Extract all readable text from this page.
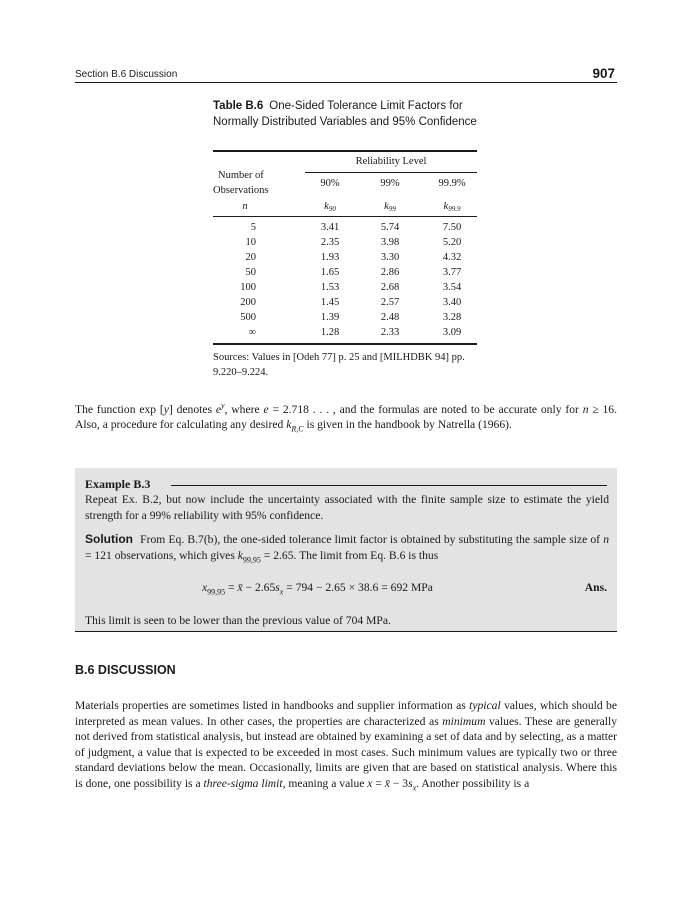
Section B.6 Discussion	907
Table B.6 One-Sided Tolerance Limit Factors for Normally Distributed Variables and 95% Confidence
Reliability Level
Number of
Observations
90%	99%	99.9%
n	k90	k99	k99.9
5	3.41	5.74	7.50
10	2.35	3.98	5.20
20	1.93	3.30	4.32
50	1.65	2.86	3.77
100	1.53	2.68	3.54
200	1.45	2.57	3.40
500	1.39	2.48	3.28
∞	1.28	2.33	3.09
Sources: Values in [Odeh 77] p. 25 and [MILHDBK 94] pp. 9.220–9.224.
The function exp [y] denotes $e^y$, where e = 2.718 . . . , and the formulas are noted to be accurate only for n ≥ 16. Also, a procedure for calculating any desired $k_{R,C}$ is given in the handbook by Natrella (1966).
Example B.3
Repeat Ex. B.2, but now include the uncertainty associated with the finite sample size to estimate the yield strength for a 99% reliability with 95% confidence.
Solution From Eq. B.7(b), the one-sided tolerance limit factor is obtained by substituting the sample size of n = 121 observations, which gives $k_{99,95} = 2.65$. The limit from Eq. B.6 is thus
$x_{99,95}$ = x̄ − $2.65s_x = 794 - 2.65 \times 38.6 = 692$ MPa	Ans.
This limit is seen to be lower than the previous value of 704 MPa.
B.6 DISCUSSION
Materials properties are sometimes listed in handbooks and supplier information as typical values, which should be interpreted as mean values. In other cases, the properties are characterized as minimum values. These are generally not derived from statistical analysis, but instead are obtained by examining a set of data and by selecting, as a matter of judgment, a value that is expected to be exceeded in most cases. Such minimum values are typically two or three standard deviations below the mean. Occasionally, limits are given that are based on statistical analysis. Where this is done, one possibility is a three-sigma limit, meaning a value x = x̄ − $3s_x$. Another possibility is a
